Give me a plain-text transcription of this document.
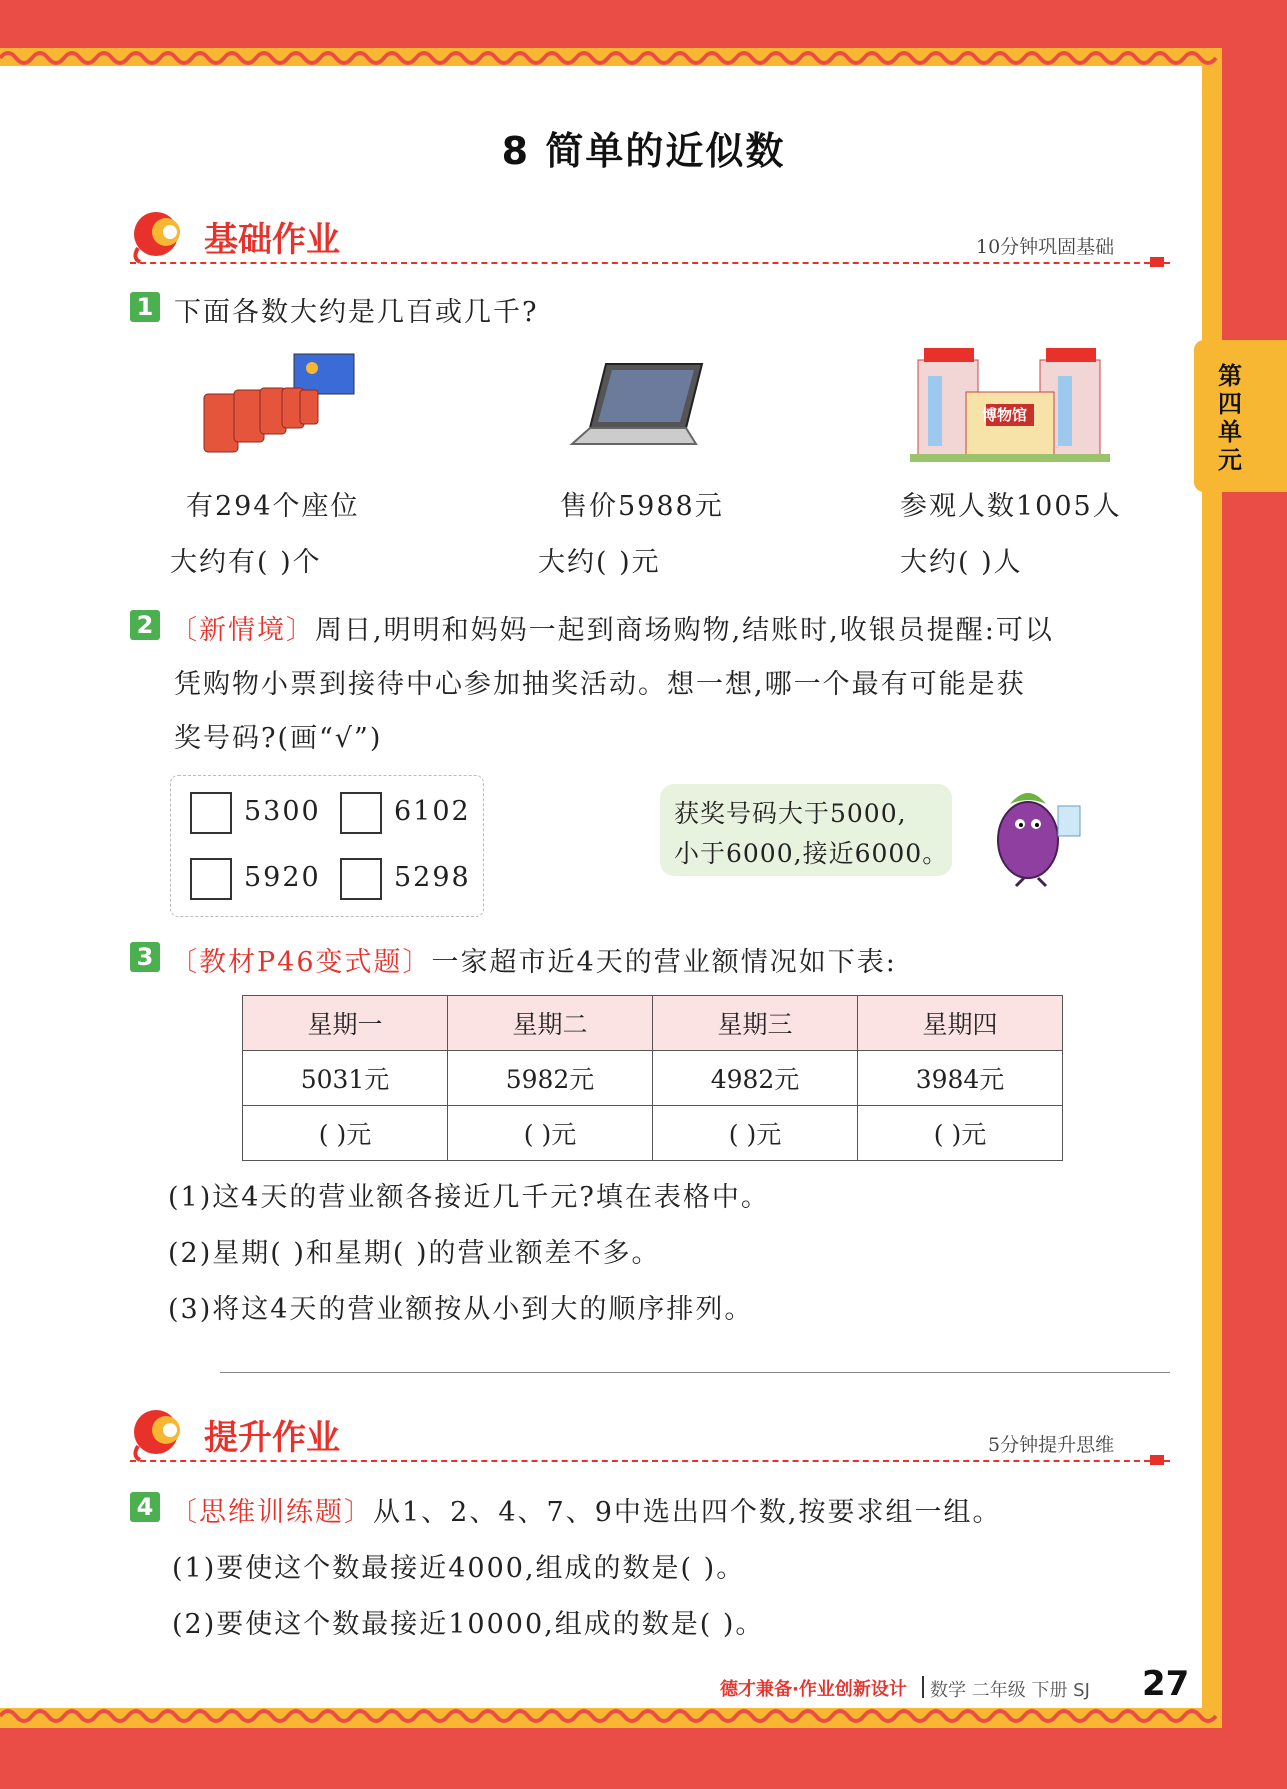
第四单元
8 简单的近似数
基础作业	10分钟巩固基础
1 下面各数大约是几百或几千?
博物馆
有294个座位	售价5988元	参观人数1005人
大约有( )个	大约( )元	大约( )人
2 〔新情境〕周日,明明和妈妈一起到商场购物,结账时,收银员提醒:可以
凭购物小票到接待中心参加抽奖活动。想一想,哪一个最有可能是获
奖号码?(画“√”)
5300	6102
5920	5298
获奖号码大于5000,
小于6000,接近6000。
3 〔教材P46变式题〕一家超市近4天的营业额情况如下表:
星期一	星期二	星期三	星期四
5031元	5982元	4982元	3984元
( )元	( )元	( )元	( )元
(1)这4天的营业额各接近几千元?填在表格中。
(2)星期( )和星期( )的营业额差不多。
(3)将这4天的营业额按从小到大的顺序排列。
提升作业	5分钟提升思维
4 〔思维训练题〕从1、2、4、7、9中选出四个数,按要求组一组。
(1)要使这个数最接近4000,组成的数是( )。
(2)要使这个数最接近10000,组成的数是( )。
德才兼备·作业创新设计 数学 二年级 下册 SJ 27
